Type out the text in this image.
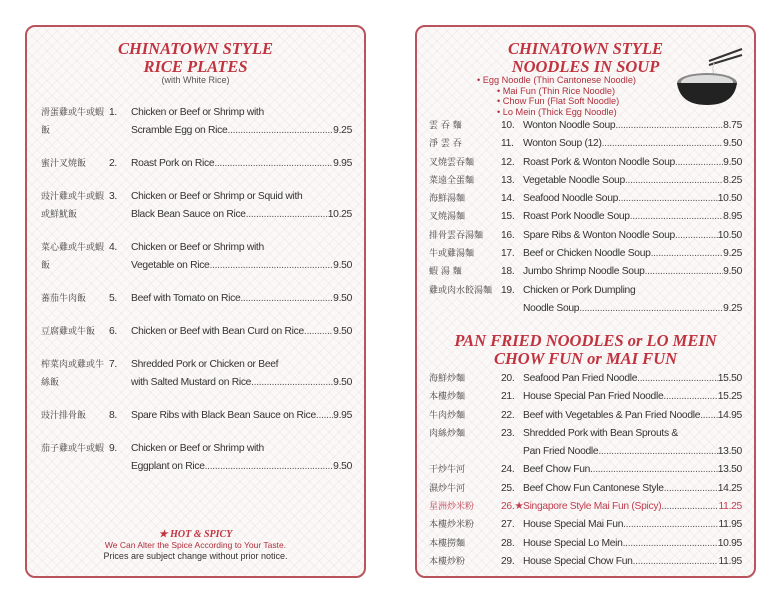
CHINATOWN STYLE
RICE PLATES
(with White Rice)
滑蛋雞或牛或蝦飯
1.	Chicken or Beef or Shrimp with
Scramble Egg on Rice .....	9.25
蜜汁叉燒飯	2.	Roast Pork on Rice .....	9.95
豉汁雞或牛或蝦或鮮魷飯
3.	Chicken or Beef or Shrimp or Squid with
Black Bean Sauce on Rice .....	10.25
菜心雞或牛或蝦飯
4.	Chicken or Beef or Shrimp with
Vegetable on Rice .....	9.50
蕃茄牛肉飯	5.	Beef with Tomato on Rice .....	9.50
豆腐雞或牛飯	6.	Chicken or Beef with Bean Curd on Rice .....	9.50
榨菜肉或雞或牛絲飯
7.	Shredded Pork or Chicken or Beef
with Salted Mustard on Rice .....	9.50
豉汁排骨飯	8.	Spare Ribs with Black Bean Sauce on Rice ..... 9.95
茄子雞或牛或蝦 9.	Chicken or Beef or Shrimp with
Eggplant on Rice .....	9.50
★ HOT & SPICY
We Can Alter the Spice According to Your Taste.
Prices are subject change without prior notice.
CHINATOWN STYLE
NOODLES IN SOUP
• Egg Noodle (Thin Cantonese Noodle)
• Mai Fun (Thin Rice Noodle)
• Chow Fun (Flat Soft Noodle)
• Lo Mein (Thick Egg Noodle)
雲 吞 麵	10. Wonton Noodle Soup .....	8.75
淨 雲 吞	11. Wonton Soup (12) .....	9.50
叉燒雲吞麵	12. Roast Pork & Wonton Noodle Soup .....	9.50
菜遠全蛋麵	13. Vegetable Noodle Soup .....	8.25
海鮮湯麵	14. Seafood Noodle Soup .....	10.50
叉燒湯麵	15. Roast Pork Noodle Soup .....	8.95
排骨雲吞湯麵	16. Spare Ribs & Wonton Noodle Soup .....	10.50
牛或雞湯麵	17. Beef or Chicken Noodle Soup .....	9.25
蝦 湯 麵	18. Jumbo Shrimp Noodle Soup .....	9.50
雞或肉水餃湯麵 19. Chicken or Pork Dumpling
Noodle Soup .....	9.25
PAN FRIED NOODLES or LO MEIN
CHOW FUN or MAI FUN
海鮮炒麵	20. Seafood Pan Fried Noodle .....	15.50
本樓炒麵	21. House Special Pan Fried Noodle .....	15.25
牛肉炒麵	22. Beef with Vegetables & Pan Fried Noodle ..... 14.95
肉絲炒麵	23. Shredded Pork with Bean Sprouts &
Pan Fried Noodle .....	13.50
干炒牛河	24. Beef Chow Fun .....	13.50
濕炒牛河	25. Beef Chow Fun Cantonese Style .....	14.25
星洲炒米粉	26.★ Singapore Style Mai Fun (Spicy) .....	11.25
本樓炒米粉	27. House Special Mai Fun .....	11.95
本樓撈麵	28. House Special Lo Mein .....	10.95
本樓炒粉	29. House Special Chow Fun .....	11.95
